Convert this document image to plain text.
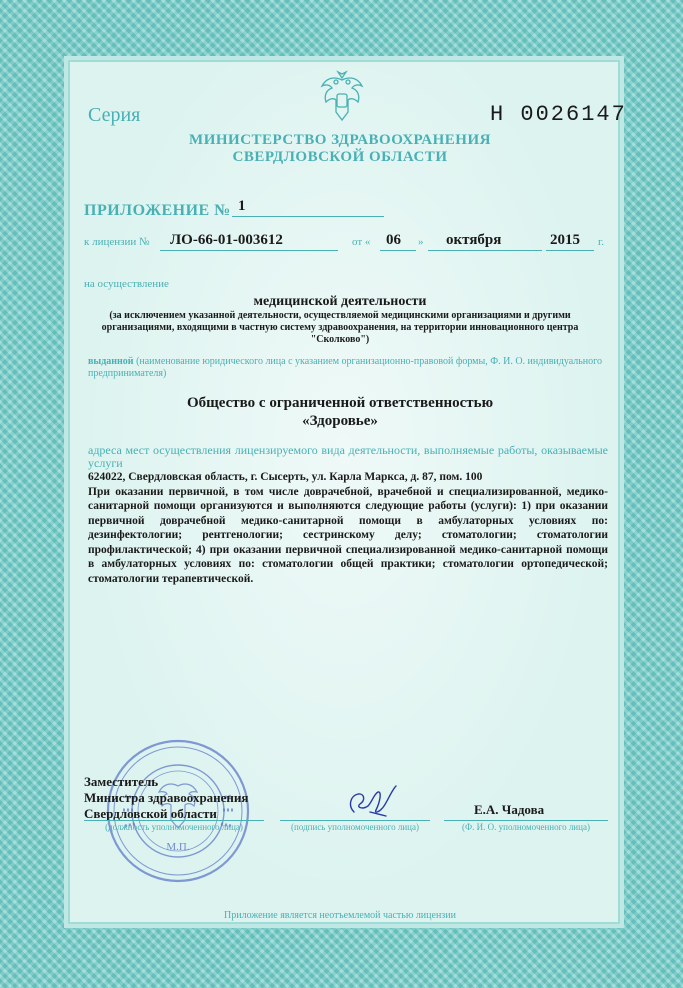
Серия	Н 0026147
МИНИСТЕРСТВО ЗДРАВООХРАНЕНИЯ
СВЕРДЛОВСКОЙ ОБЛАСТИ
ПРИЛОЖЕНИЕ № 1
к лицензии № ЛО-66-01-003612	от « 06 » октября	2015 г.
на осуществление
медицинской деятельности
(за исключением указанной деятельности, осуществляемой медицинскими организациями и другими организациями, входящими в частную систему здравоохранения, на территории инновационного центра "Сколково")
выданной (наименование юридического лица с указанием организационно-правовой формы, Ф. И. О. индивидуального предпринимателя)
Общество с ограниченной ответственностью
«Здоровье»
адреса мест осуществления лицензируемого вида деятельности, выполняемые работы, оказываемые услуги
624022, Свердловская область, г. Сысерть, ул. Карла Маркса, д. 87, пом. 100
При оказании первичной, в том числе доврачебной, врачебной и специализированной, медико-санитарной помощи организуются и выполняются следующие работы (услуги): 1) при оказании первичной доврачебной медико-санитарной помощи в амбулаторных условиях по: дезинфектологии; рентгенологии; сестринскому делу; стоматологии; стоматологии профилактической; 4) при оказании первичной специализированной медико-санитарной помощи в амбулаторных условиях по: стоматологии общей практики; стоматологии ортопедической; стоматологии терапевтической.
М.П.
Заместитель
Министра здравоохранения
Свердловской области
(должность уполномоченного лица)	(подпись уполномоченного лица)
Е.А. Чадова
(Ф. И. О. уполномоченного лица)
Приложение является неотъемлемой частью лицензии
